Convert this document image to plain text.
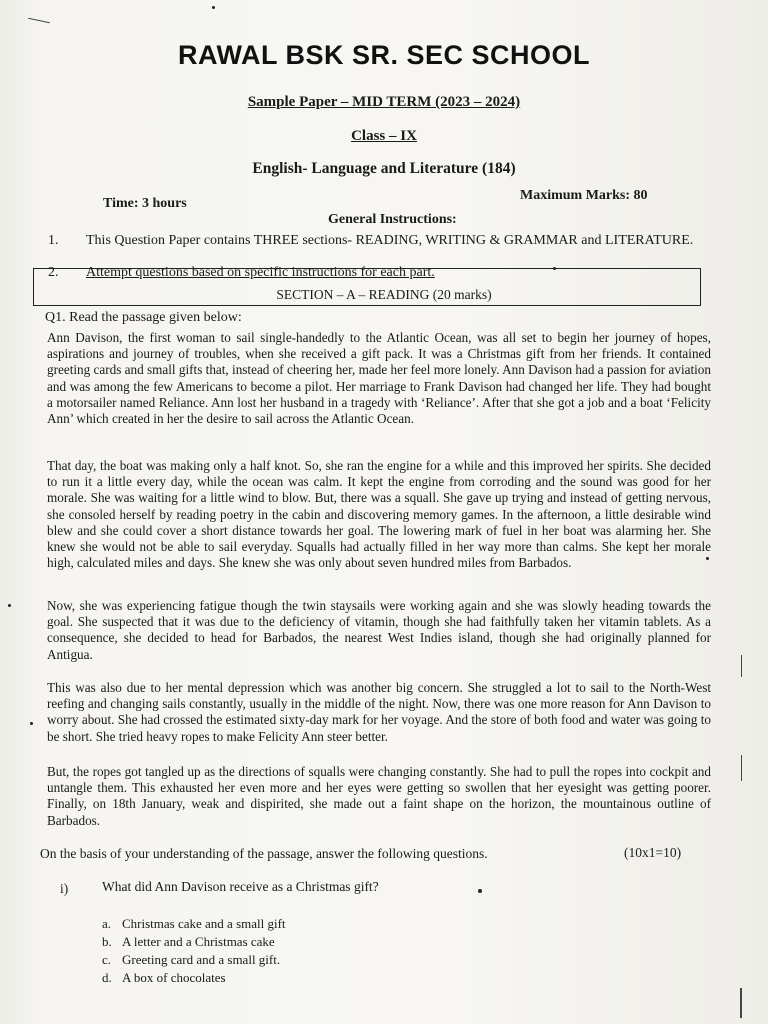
RAWAL BSK SR. SEC SCHOOL
Sample Paper – MID TERM (2023 – 2024)
Class – IX
English- Language and Literature (184)
Time: 3 hours
Maximum Marks: 80
General Instructions:
1. This Question Paper contains THREE sections- READING, WRITING & GRAMMAR and LITERATURE.
2. Attempt questions based on specific instructions for each part.
SECTION – A – READING (20 marks)
Q1. Read the passage given below:
Ann Davison, the first woman to sail single-handedly to the Atlantic Ocean, was all set to begin her journey of hopes, aspirations and journey of troubles, when she received a gift pack. It was a Christmas gift from her friends. It contained greeting cards and small gifts that, instead of cheering her, made her feel more lonely. Ann Davison had a passion for aviation and was among the few Americans to become a pilot. Her marriage to Frank Davison had changed her life. They had bought a motorsailer named Reliance. Ann lost her husband in a tragedy with ‘Reliance’. After that she got a job and a boat ‘Felicity Ann’ which created in her the desire to sail across the Atlantic Ocean.
That day, the boat was making only a half knot. So, she ran the engine for a while and this improved her spirits. She decided to run it a little every day, while the ocean was calm. It kept the engine from corroding and the sound was good for her morale. She was waiting for a little wind to blow. But, there was a squall. She gave up trying and instead of getting nervous, she consoled herself by reading poetry in the cabin and discovering memory games. In the afternoon, a little desirable wind blew and she could cover a short distance towards her goal. The lowering mark of fuel in her boat was alarming her. She knew she would not be able to sail everyday. Squalls had actually filled in her way more than calms. She kept her morale high, calculated miles and days. She knew she was only about seven hundred miles from Barbados.
Now, she was experiencing fatigue though the twin staysails were working again and she was slowly heading towards the goal. She suspected that it was due to the deficiency of vitamin, though she had faithfully taken her vitamin tablets. As a consequence, she decided to head for Barbados, the nearest West Indies island, though she had originally planned for Antigua.
This was also due to her mental depression which was another big concern. She struggled a lot to sail to the North-West reefing and changing sails constantly, usually in the middle of the night. Now, there was one more reason for Ann Davison to worry about. She had crossed the estimated sixty-day mark for her voyage. And the store of both food and water was going to be short. She tried heavy ropes to make Felicity Ann steer better.
But, the ropes got tangled up as the directions of squalls were changing constantly. She had to pull the ropes into cockpit and untangle them. This exhausted her even more and her eyes were getting so swollen that her eyesight was getting poorer. Finally, on 18th January, weak and dispirited, she made out a faint shape on the horizon, the mountainous outline of Barbados.
On the basis of your understanding of the passage, answer the following questions.	(10x1=10)
i)	What did Ann Davison receive as a Christmas gift?
a. Christmas cake and a small gift
b. A letter and a Christmas cake
c. Greeting card and a small gift.
d. A box of chocolates
